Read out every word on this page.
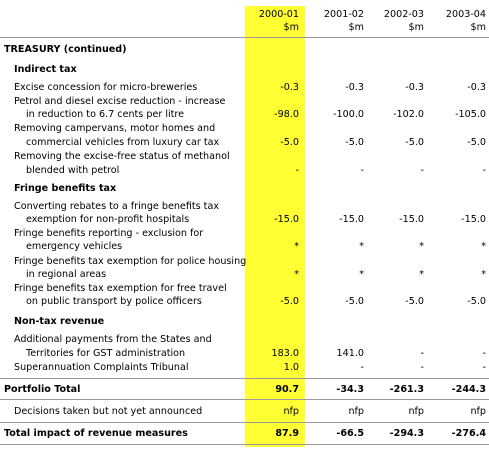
2000-01	2001-02	2002-03	2003-04
$m	$m	$m	$m
TREASURY (continued)
Indirect tax
Excise concession for micro-breweries	-0.3	-0.3	-0.3	-0.3
Petrol and diesel excise reduction - increase
in reduction to 6.7 cents per litre	-98.0	-100.0	-102.0	-105.0
Removing campervans, motor homes and
commercial vehicles from luxury car tax	-5.0	-5.0	-5.0	-5.0
Removing the excise-free status of methanol
blended with petrol	-	-	-	-
Fringe benefits tax
Converting rebates to a fringe benefits tax
exemption for non-profit hospitals	-15.0	-15.0	-15.0	-15.0
Fringe benefits reporting - exclusion for
emergency vehicles	*	*	*	*
Fringe benefits tax exemption for police housing
in regional areas	*	*	*	*
Fringe benefits tax exemption for free travel
on public transport by police officers	-5.0	-5.0	-5.0	-5.0
Non-tax revenue
Additional payments from the States and
Territories for GST administration	183.0	141.0	-	-
Superannuation Complaints Tribunal	1.0	-	-	-
Portfolio Total	90.7	-34.3	-261.3	-244.3
Decisions taken but not yet announced	nfp	nfp	nfp	nfp
Total impact of revenue measures	87.9	-66.5	-294.3	-276.4
